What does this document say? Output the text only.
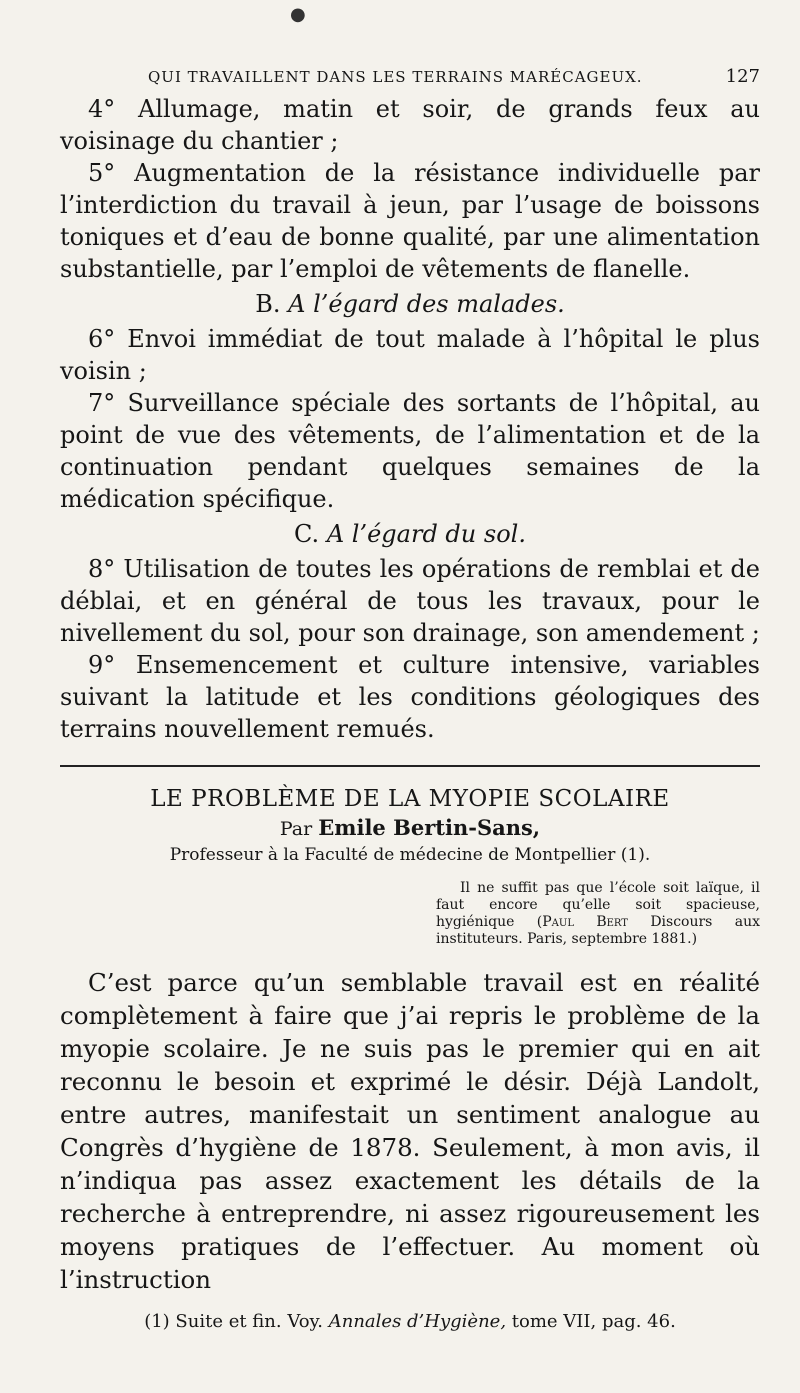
●
QUI TRAVAILLENT DANS LES TERRAINS MARÉCAGEUX.	127

4° Allumage, matin et soir, de grands feux au voisinage du chantier ;

5° Augmentation de la résistance individuelle par l’interdiction du travail à jeun, par l’usage de boissons toniques et d’eau de bonne qualité, par une alimentation substantielle, par l’emploi de vêtements de flanelle.

B. A l’égard des malades.

6° Envoi immédiat de tout malade à l’hôpital le plus voisin ;

7° Surveillance spéciale des sortants de l’hôpital, au point de vue des vêtements, de l’alimentation et de la continuation pendant quelques semaines de la médication spécifique.

C. A l’égard du sol.

8° Utilisation de toutes les opérations de remblai et de déblai, et en général de tous les travaux, pour le nivellement du sol, pour son drainage, son amendement ;

9° Ensemencement et culture intensive, variables suivant la latitude et les conditions géologiques des terrains nouvellement remués.

LE PROBLÈME DE LA MYOPIE SCOLAIRE

Par Emile Bertin-Sans,

Professeur à la Faculté de médecine de Montpellier (1).

Il ne suffit pas que l’école soit laïque, il faut encore qu’elle soit spacieuse, hygiénique (Paul Bert Discours aux instituteurs. Paris, septembre 1881.)

C’est parce qu’un semblable travail est en réalité complètement à faire que j’ai repris le problème de la myopie scolaire. Je ne suis pas le premier qui en ait reconnu le besoin et exprimé le désir. Déjà Landolt, entre autres, manifestait un sentiment analogue au Congrès d’hygiène de 1878. Seulement, à mon avis, il n’indiqua pas assez exactement les détails de la recherche à entreprendre, ni assez rigoureusement les moyens pratiques de l’effectuer. Au moment où l’instruction

(1) Suite et fin. Voy. Annales d’Hygiène, tome VII, pag. 46.
